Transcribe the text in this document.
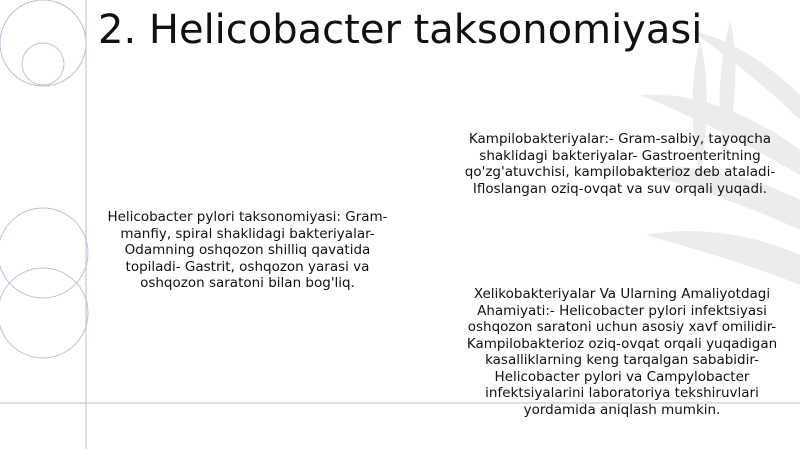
2. Helicobacter taksonomiyasi

Helicobacter pylori taksonomiyasi: Gram-manfiy, spiral shaklidagi bakteriyalar- Odamning oshqozon shilliq qavatida topiladi- Gastrit, oshqozon yarasi va oshqozon saratoni bilan bog'liq.

Kampilobakteriyalar:- Gram-salbiy, tayoqcha shaklidagi bakteriyalar- Gastroenteritning qo'zg'atuvchisi, kampilobakterioz deb ataladi- Ifloslangan oziq-ovqat va suv orqali yuqadi.

Xelikobakteriyalar Va Ularning Amaliyotdagi Ahamiyati:- Helicobacter pylori infektsiyasi oshqozon saratoni uchun asosiy xavf omilidir- Kampilobakterioz oziq-ovqat orqali yuqadigan kasalliklarning keng tarqalgan sababidir- Helicobacter pylori va Campylobacter infektsiyalarini laboratoriya tekshiruvlari yordamida aniqlash mumkin.
